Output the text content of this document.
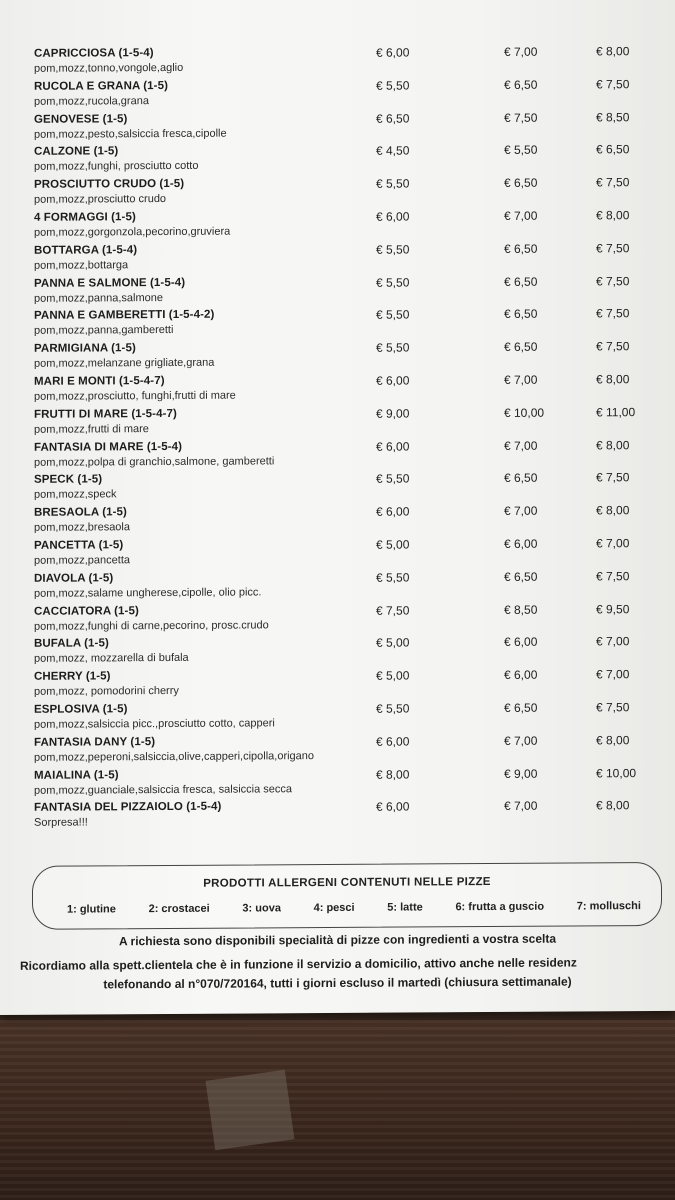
CAPRICCIOSA (1-5-4)
pom,mozz,tonno,vongole,aglio
€ 6,00	€ 7,00	€ 8,00
RUCOLA E GRANA (1-5)
pom,mozz,rucola,grana
€ 5,50	€ 6,50	€ 7,50
GENOVESE (1-5)
pom,mozz,pesto,salsiccia fresca,cipolle
€ 6,50	€ 7,50	€ 8,50
CALZONE (1-5)
pom,mozz,funghi, prosciutto cotto
€ 4,50	€ 5,50	€ 6,50
PROSCIUTTO CRUDO (1-5)
pom,mozz,prosciutto crudo
€ 5,50	€ 6,50	€ 7,50
4 FORMAGGI (1-5)
pom,mozz,gorgonzola,pecorino,gruviera
€ 6,00	€ 7,00	€ 8,00
BOTTARGA (1-5-4)
pom,mozz,bottarga
€ 5,50	€ 6,50	€ 7,50
PANNA E SALMONE (1-5-4)
pom,mozz,panna,salmone
€ 5,50	€ 6,50	€ 7,50
PANNA E GAMBERETTI (1-5-4-2)
pom,mozz,panna,gamberetti
€ 5,50	€ 6,50	€ 7,50
PARMIGIANA (1-5)
pom,mozz,melanzane grigliate,grana
€ 5,50	€ 6,50	€ 7,50
MARI E MONTI (1-5-4-7)
pom,mozz,prosciutto, funghi,frutti di mare
€ 6,00	€ 7,00	€ 8,00
FRUTTI DI MARE (1-5-4-7)
pom,mozz,frutti di mare
€ 9,00	€ 10,00	€ 11,00
FANTASIA DI MARE (1-5-4)
pom,mozz,polpa di granchio,salmone, gamberetti
€ 6,00	€ 7,00	€ 8,00
SPECK (1-5)
pom,mozz,speck
€ 5,50	€ 6,50	€ 7,50
BRESAOLA (1-5)
pom,mozz,bresaola
€ 6,00	€ 7,00	€ 8,00
PANCETTA (1-5)
pom,mozz,pancetta
€ 5,00	€ 6,00	€ 7,00
DIAVOLA (1-5)
pom,mozz,salame ungherese,cipolle, olio picc.
€ 5,50	€ 6,50	€ 7,50
CACCIATORA (1-5)
pom,mozz,funghi di carne,pecorino, prosc.crudo
€ 7,50	€ 8,50	€ 9,50
BUFALA (1-5)
pom,mozz, mozzarella di bufala
€ 5,00	€ 6,00	€ 7,00
CHERRY (1-5)
pom,mozz, pomodorini cherry
€ 5,00	€ 6,00	€ 7,00
ESPLOSIVA (1-5)
pom,mozz,salsiccia picc.,prosciutto cotto, capperi
€ 5,50	€ 6,50	€ 7,50
FANTASIA DANY (1-5)
pom,mozz,peperoni,salsiccia,olive,capperi,cipolla,origano
€ 6,00	€ 7,00	€ 8,00
MAIALINA (1-5)
pom,mozz,guanciale,salsiccia fresca, salsiccia secca
€ 8,00	€ 9,00	€ 10,00
FANTASIA DEL PIZZAIOLO (1-5-4)
Sorpresa!!!
€ 6,00	€ 7,00	€ 8,00
PRODOTTI ALLERGENI CONTENUTI NELLE PIZZE
1: glutine	2: crostacei	3: uova	4: pesci	5: latte	6: frutta a guscio	7: molluschi
A richiesta sono disponibili specialità di pizze con ingredienti a vostra scelta
Ricordiamo alla spett.clientela che è in funzione il servizio a domicilio, attivo anche nelle residenz
telefonando al n°070/720164, tutti i giorni escluso il martedì (chiusura settimanale)
